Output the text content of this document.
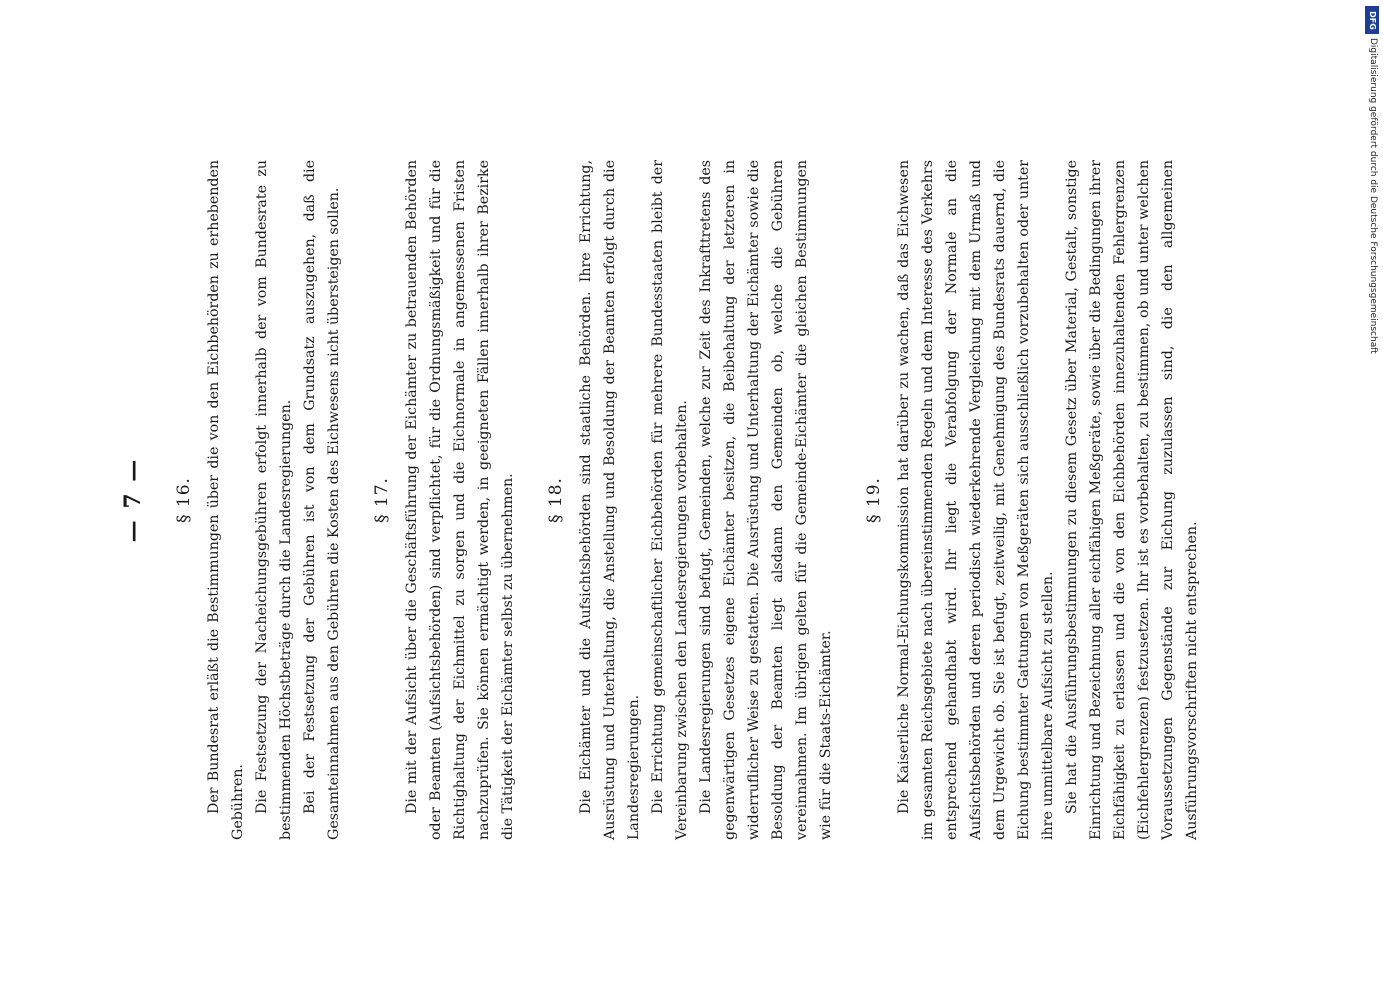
— 7 — § 16. Der Bundesrat erläßt die Bestimmungen über die von den Eichbehörden zu erhebenden Gebühren. Die Festsetzung der Nacheichungsgebühren erfolgt innerhalb der vom Bundesrate zu bestimmenden Höchstbeträge durch die Landesregierungen. Bei der Festsetzung der Gebühren ist von dem Grundsatz auszugehen, daß die Gesamteinnahmen aus den Gebühren die Kosten des Eichwesens nicht übersteigen sollen. § 17. Die mit der Aufsicht über die Geschäftsführung der Eichämter zu betrauenden Behörden oder Beamten (Aufsichtsbehörden) sind verpflichtet, für die Ordnungsmäßigkeit und für die Richtighaltung der Eichmittel zu sorgen und die Eichnormale in angemessenen Fristen nachzuprüfen. Sie können ermächtigt werden, in geeigneten Fällen innerhalb ihrer Bezirke die Tätigkeit der Eichämter selbst zu übernehmen. § 18. Die Eichämter und die Aufsichtsbehörden sind staatliche Behörden. Ihre Errichtung, Ausrüstung und Unterhaltung, die Anstellung und Besoldung der Beamten erfolgt durch die Landesregierungen. Die Errichtung gemeinschaftlicher Eichbehörden für mehrere Bundesstaaten bleibt der Vereinbarung zwischen den Landesregierungen vorbehalten. Die Landesregierungen sind befugt, Gemeinden, welche zur Zeit des Inkrafttretens des gegenwärtigen Gesetzes eigene Eichämter besitzen, die Beibehaltung der letzteren in widerruflicher Weise zu gestatten. Die Ausrüstung und Unterhaltung der Eichämter sowie die Besoldung der Beamten liegt alsdann den Gemeinden ob, welche die Gebühren vereinnahmen. Im übrigen gelten für die Gemeinde-Eichämter die gleichen Bestimmungen wie für die Staats-Eichämter.

§ 19. Die Kaiserliche Normal-Eichungskommission hat darüber zu wachen, daß das Eichwesen im gesamten Reichsgebiete nach übereinstimmenden Regeln und dem Interesse des Verkehrs entsprechend gehandhabt wird. Ihr liegt die Verabfolgung der Normale an die Aufsichtsbehörden und deren periodisch wiederkehrende Vergleichung mit dem Urmaß und dem Urgewicht ob. Sie ist befugt, zeitweilig, mit Genehmigung des Bundesrats dauernd, die Eichung bestimmter Gattungen von Meßgeräten sich ausschließlich vorzubehalten oder unter ihre unmittelbare Aufsicht zu stellen. Sie hat die Ausführungsbestimmungen zu diesem Gesetz über Material, Gestalt, sonstige Einrichtung und Bezeichnung aller eichfähigen Meßgeräte, sowie über die Bedingungen ihrer Eichfähigkeit zu erlassen und die von den Eichbehörden innezuhaltenden Fehlergrenzen (Eichfehlergrenzen) festzusetzen. Ihr ist es vorbehalten, zu bestimmen, ob und unter welchen Voraussetzungen Gegenstände zur Eichung zuzulassen sind, die den allgemeinen Ausführungsvorschriften nicht entsprechen.

DFG
Digitalisierung gefördert durch die Deutsche Forschungsgemeinschaft
